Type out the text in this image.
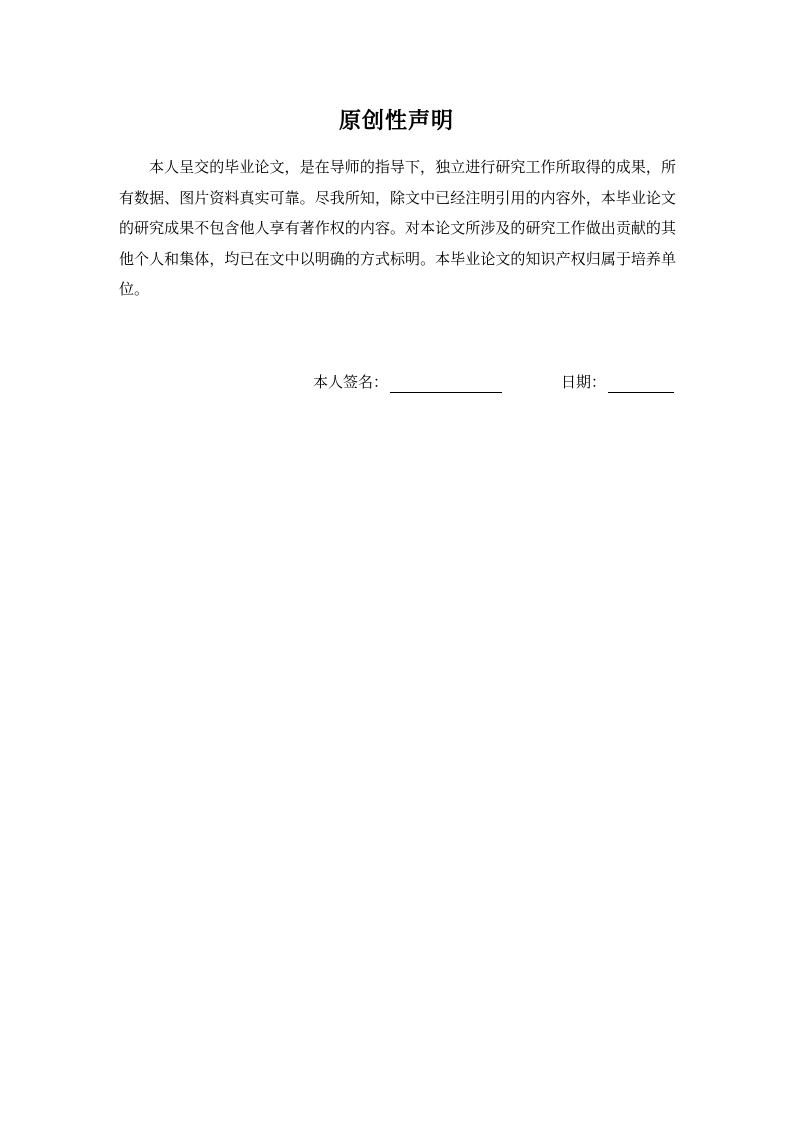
原创性声明

本人呈交的毕业论文，是在导师的指导下，独立进行研究工作所取得的成果，所有数据、图片资料真实可靠。尽我所知，除文中已经注明引用的内容外，本毕业论文的研究成果不包含他人享有著作权的内容。对本论文所涉及的研究工作做出贡献的其他个人和集体，均已在文中以明确的方式标明。本毕业论文的知识产权归属于培养单位。

本人签名：	日期：
